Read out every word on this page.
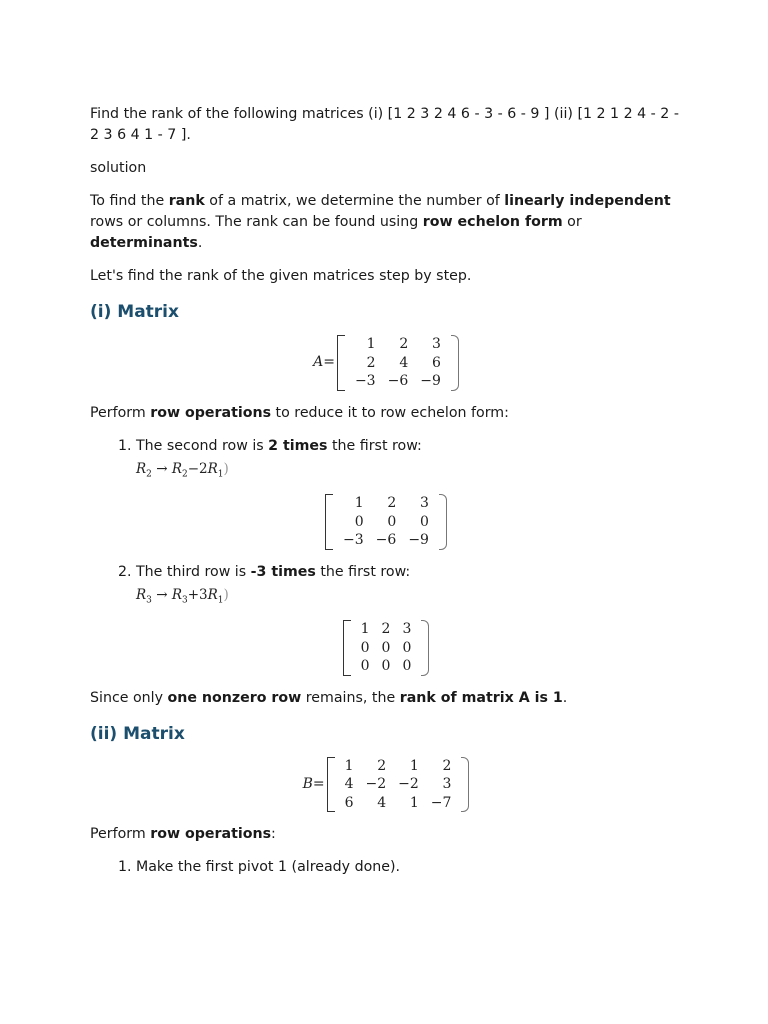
Find the rank of the following matrices (i) [1 2 3 2 4 6 - 3 - 6 - 9 ] (ii) [1 2 1 2 4 - 2 - 2 3 6 4 1 - 7 ].

solution

To find the rank of a matrix, we determine the number of linearly independent rows or columns. The rank can be found using row echelon form or determinants.

Let's find the rank of the given matrices step by step.

(i) Matrix
A=
1	2	3
2	4	6
−3	−6	−9

Perform row operations to reduce it to row echelon form:

1. The second row is 2 times the first row:
$R_2 \to R_2-2R_1$)
1	2	3
0	0	0
−3	−6	−9
2. The third row is -3 times the first row:
$R_3 \to R_3+3R_1$)
1	2	3
0	0	0
0	0	0

Since only one nonzero row remains, the rank of matrix A is 1.

(ii) Matrix
B=
1	2	1	2
4	−2	−2	3
6	4	1	−7

Perform row operations:

1. Make the first pivot 1 (already done).
